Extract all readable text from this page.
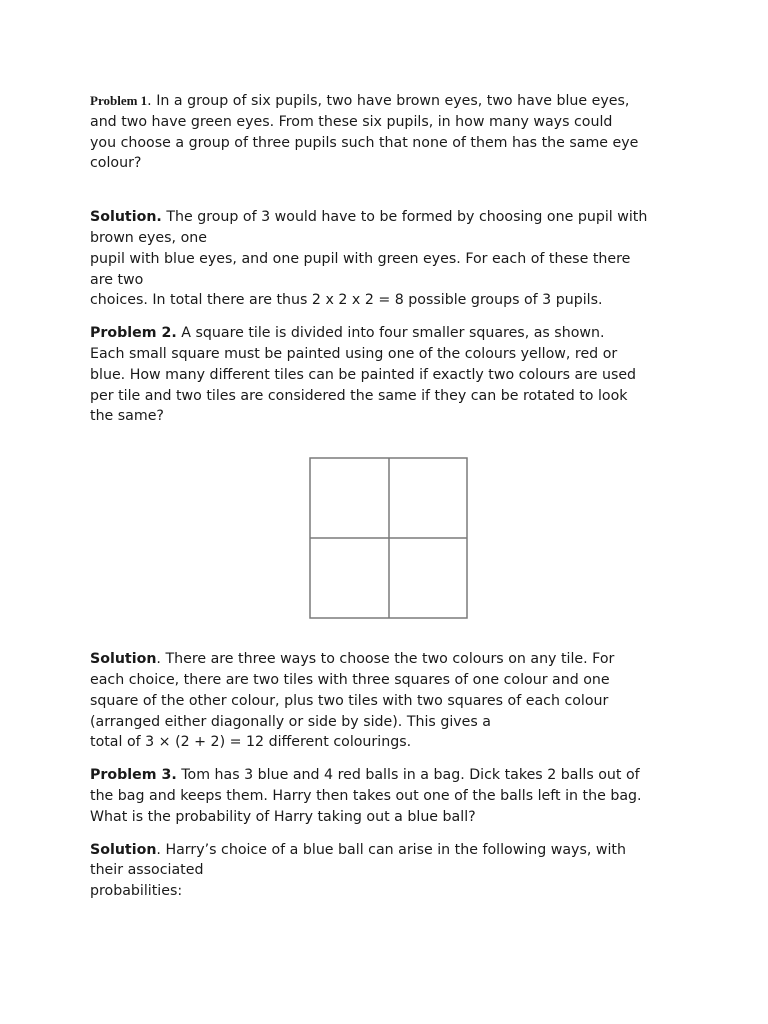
Problem 1. In a group of six pupils, two have brown eyes, two have blue eyes,
and two have green eyes. From these six pupils, in how many ways could
you choose a group of three pupils such that none of them has the same eye
colour?

Solution. The group of 3 would have to be formed by choosing one pupil with
brown eyes, one
pupil with blue eyes, and one pupil with green eyes. For each of these there
are two
choices. In total there are thus 2 x 2 x 2 = 8 possible groups of 3 pupils.

Problem 2. A square tile is divided into four smaller squares, as shown.
Each small square must be painted using one of the colours yellow, red or
blue. How many different tiles can be painted if exactly two colours are used
per tile and two tiles are considered the same if they can be rotated to look
the same?

Solution. There are three ways to choose the two colours on any tile. For
each choice, there are two tiles with three squares of one colour and one
square of the other colour, plus two tiles with two squares of each colour
(arranged either diagonally or side by side). This gives a
total of 3 × (2 + 2) = 12 different colourings.

Problem 3. Tom has 3 blue and 4 red balls in a bag. Dick takes 2 balls out of
the bag and keeps them. Harry then takes out one of the balls left in the bag.
What is the probability of Harry taking out a blue ball?

Solution. Harry’s choice of a blue ball can arise in the following ways, with
their associated
probabilities:
